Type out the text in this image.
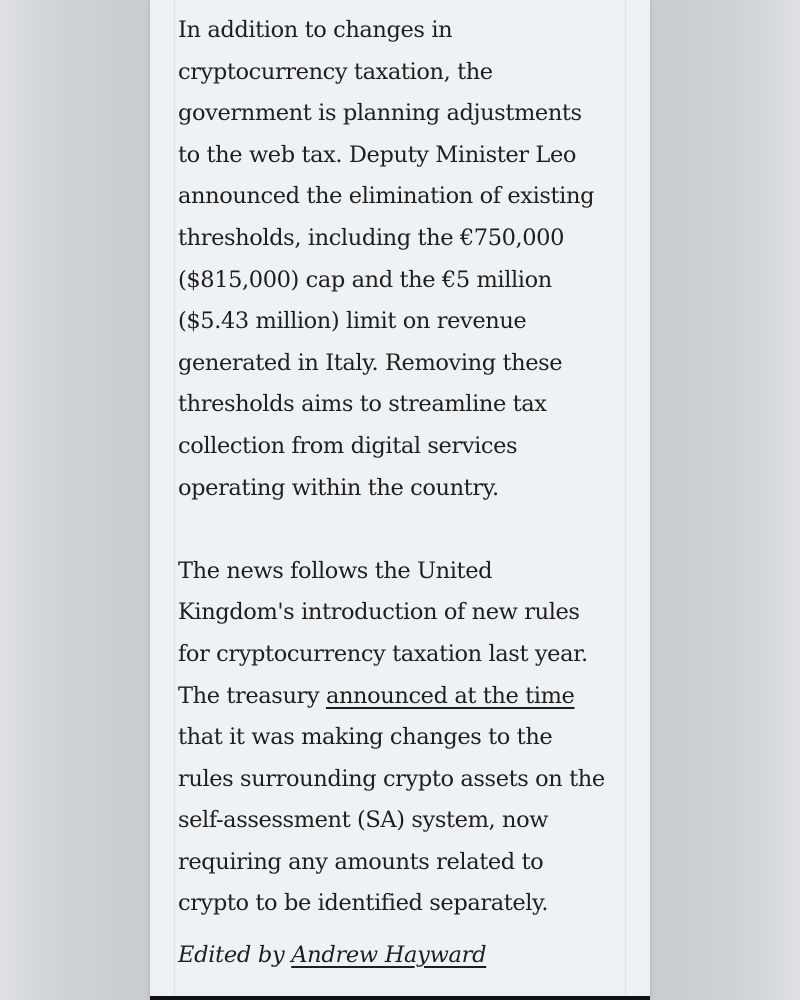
In addition to changes in
cryptocurrency taxation, the
government is planning adjustments
to the web tax. Deputy Minister Leo
announced the elimination of existing
thresholds, including the €750,000
($815,000) cap and the €5 million
($5.43 million) limit on revenue
generated in Italy. Removing these
thresholds aims to streamline tax
collection from digital services
operating within the country.

The news follows the United
Kingdom's introduction of new rules
for cryptocurrency taxation last year.
The treasury announced at the time
that it was making changes to the
rules surrounding crypto assets on the
self-assessment (SA) system, now
requiring any amounts related to
crypto to be identified separately.

Edited by Andrew Hayward
